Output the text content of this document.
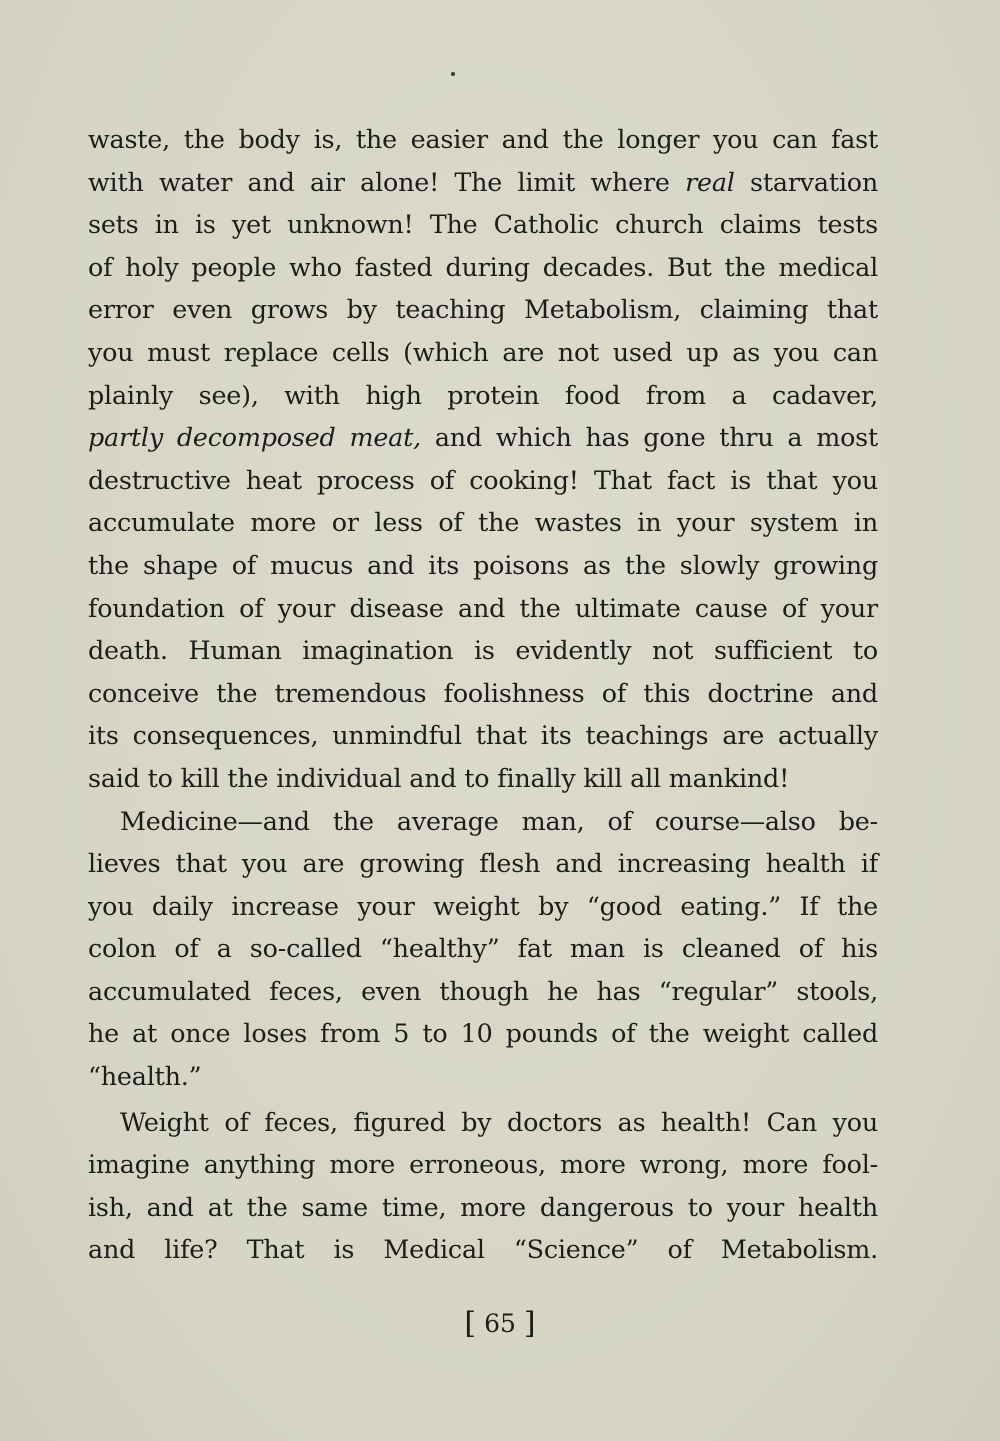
waste, the body is, the easier and the longer you can fast
with water and air alone! The limit where real starvation
sets in is yet unknown! The Catholic church claims tests
of holy people who fasted during decades. But the medical
error even grows by teaching Metabolism, claiming that
you must replace cells (which are not used up as you can
plainly see), with high protein food from a cadaver,
partly decomposed meat, and which has gone thru a most
destructive heat process of cooking! That fact is that you
accumulate more or less of the wastes in your system in
the shape of mucus and its poisons as the slowly growing
foundation of your disease and the ultimate cause of your
death. Human imagination is evidently not sufficient to
conceive the tremendous foolishness of this doctrine and
its consequences, unmindful that its teachings are actually
said to kill the individual and to finally kill all mankind!
Medicine—and the average man, of course—also be-
lieves that you are growing flesh and increasing health if
you daily increase your weight by “good eating.” If the
colon of a so-called “healthy” fat man is cleaned of his
accumulated feces, even though he has “regular” stools,
he at once loses from 5 to 10 pounds of the weight called
“health.”
Weight of feces, figured by doctors as health! Can you
imagine anything more erroneous, more wrong, more fool-
ish, and at the same time, more dangerous to your health
and life? That is Medical “Science” of Metabolism.
[ 65 ]
